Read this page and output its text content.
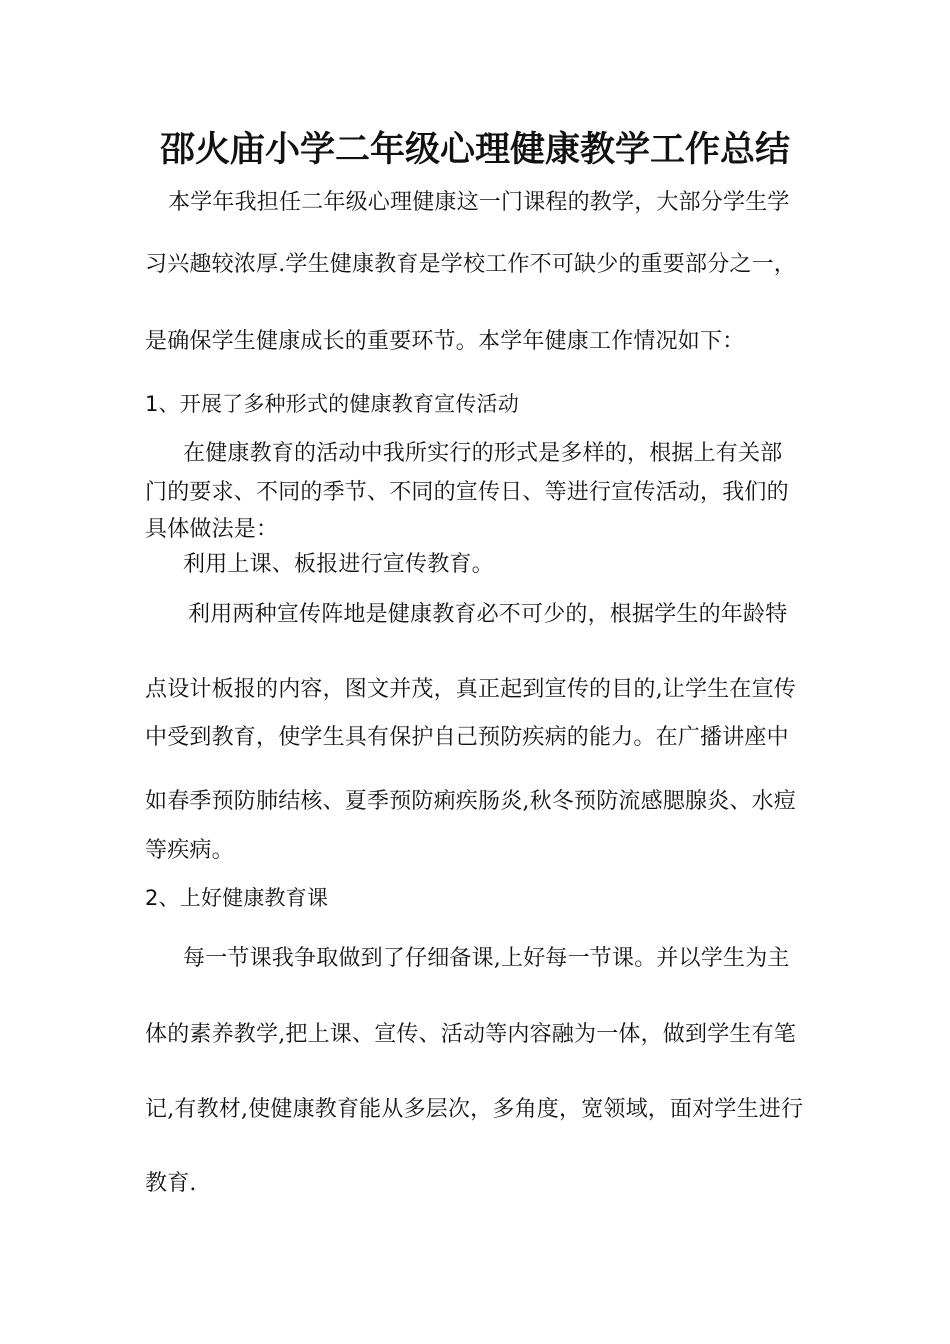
邵火庙小学二年级心理健康教学工作总结
本学年我担任二年级心理健康这一门课程的教学，大部分学生学
习兴趣较浓厚.学生健康教育是学校工作不可缺少的重要部分之一，
是确保学生健康成长的重要环节。本学年健康工作情况如下：
1、开展了多种形式的健康教育宣传活动
在健康教育的活动中我所实行的形式是多样的，根据上有关部
门的要求、不同的季节、不同的宣传日、等进行宣传活动，我们的
具体做法是：
利用上课、板报进行宣传教育。
利用两种宣传阵地是健康教育必不可少的，根据学生的年龄特
点设计板报的内容，图文并茂，真正起到宣传的目的,让学生在宣传
中受到教育，使学生具有保护自己预防疾病的能力。在广播讲座中
如春季预防肺结核、夏季预防痢疾肠炎,秋冬预防流感腮腺炎、水痘
等疾病。
2、上好健康教育课
每一节课我争取做到了仔细备课,上好每一节课。并以学生为主
体的素养教学,把上课、宣传、活动等内容融为一体，做到学生有笔
记,有教材,使健康教育能从多层次，多角度，宽领域，面对学生进行
教育.
